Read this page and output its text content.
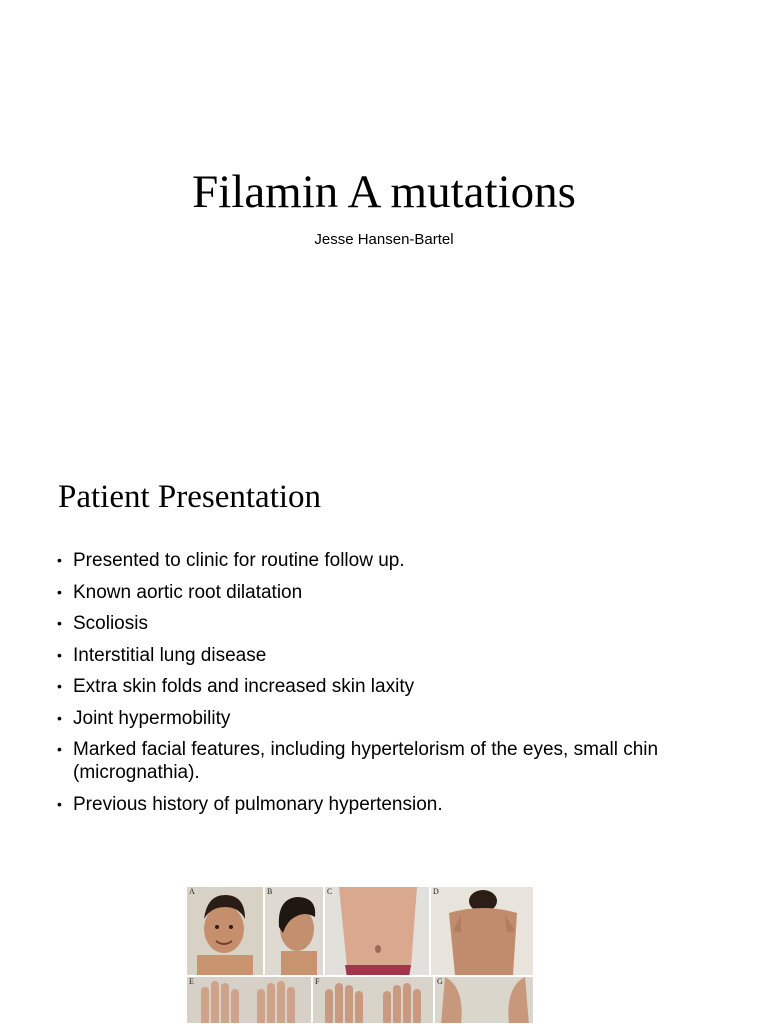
Filamin A mutations
Jesse Hansen-Bartel
Patient Presentation
• Presented to clinic for routine follow up.
• Known aortic root dilatation
• Scoliosis
• Interstitial lung disease
• Extra skin folds and increased skin laxity
• Joint hypermobility
• Marked facial features, including hypertelorism of the eyes, small chin (micrognathia).
• Previous history of pulmonary hypertension.
A	B	C	D
E	F	G
